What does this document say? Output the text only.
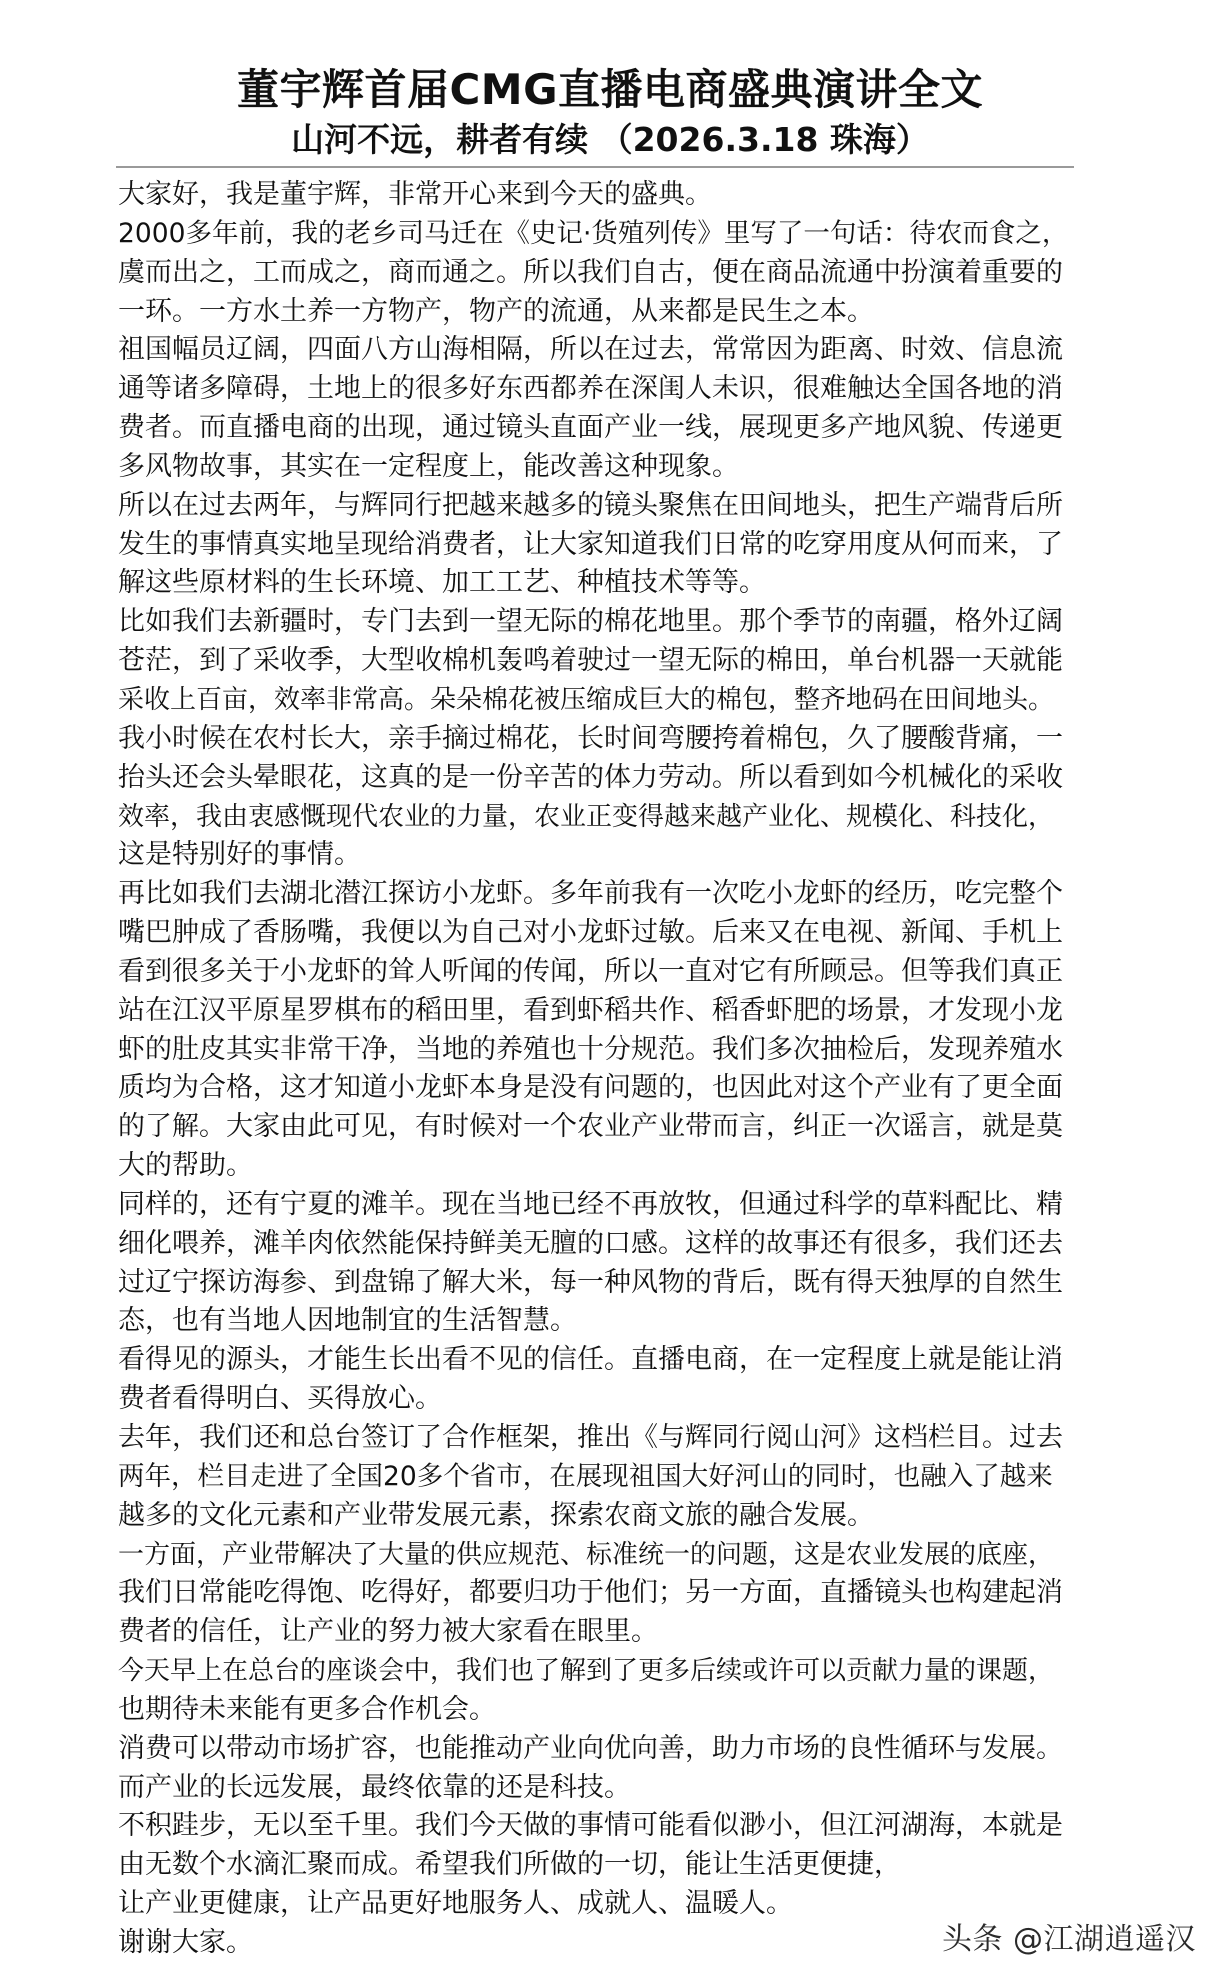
董宇辉首届CMG直播电商盛典演讲全文
山河不远，耕者有续 （2026.3.18 珠海）
大家好，我是董宇辉，非常开心来到今天的盛典。
2000多年前，我的老乡司马迁在《史记·货殖列传》里写了一句话：待农而食之，
虞而出之，工而成之，商而通之。所以我们自古，便在商品流通中扮演着重要的
一环。一方水土养一方物产，物产的流通，从来都是民生之本。
祖国幅员辽阔，四面八方山海相隔，所以在过去，常常因为距离、时效、信息流
通等诸多障碍，土地上的很多好东西都养在深闺人未识，很难触达全国各地的消
费者。而直播电商的出现，通过镜头直面产业一线，展现更多产地风貌、传递更
多风物故事，其实在一定程度上，能改善这种现象。
所以在过去两年，与辉同行把越来越多的镜头聚焦在田间地头，把生产端背后所
发生的事情真实地呈现给消费者，让大家知道我们日常的吃穿用度从何而来，了
解这些原材料的生长环境、加工工艺、种植技术等等。
比如我们去新疆时，专门去到一望无际的棉花地里。那个季节的南疆，格外辽阔
苍茫，到了采收季，大型收棉机轰鸣着驶过一望无际的棉田，单台机器一天就能
采收上百亩，效率非常高。朵朵棉花被压缩成巨大的棉包，整齐地码在田间地头。
我小时候在农村长大，亲手摘过棉花，长时间弯腰挎着棉包，久了腰酸背痛，一
抬头还会头晕眼花，这真的是一份辛苦的体力劳动。所以看到如今机械化的采收
效率，我由衷感慨现代农业的力量，农业正变得越来越产业化、规模化、科技化，
这是特别好的事情。
再比如我们去湖北潜江探访小龙虾。多年前我有一次吃小龙虾的经历，吃完整个
嘴巴肿成了香肠嘴，我便以为自己对小龙虾过敏。后来又在电视、新闻、手机上
看到很多关于小龙虾的耸人听闻的传闻，所以一直对它有所顾忌。但等我们真正
站在江汉平原星罗棋布的稻田里，看到虾稻共作、稻香虾肥的场景，才发现小龙
虾的肚皮其实非常干净，当地的养殖也十分规范。我们多次抽检后，发现养殖水
质均为合格，这才知道小龙虾本身是没有问题的，也因此对这个产业有了更全面
的了解。大家由此可见，有时候对一个农业产业带而言，纠正一次谣言，就是莫
大的帮助。
同样的，还有宁夏的滩羊。现在当地已经不再放牧，但通过科学的草料配比、精
细化喂养，滩羊肉依然能保持鲜美无膻的口感。这样的故事还有很多，我们还去
过辽宁探访海参、到盘锦了解大米，每一种风物的背后，既有得天独厚的自然生
态，也有当地人因地制宜的生活智慧。
看得见的源头，才能生长出看不见的信任。直播电商，在一定程度上就是能让消
费者看得明白、买得放心。
去年，我们还和总台签订了合作框架，推出《与辉同行阅山河》这档栏目。过去
两年，栏目走进了全国20多个省市，在展现祖国大好河山的同时，也融入了越来
越多的文化元素和产业带发展元素，探索农商文旅的融合发展。
一方面，产业带解决了大量的供应规范、标准统一的问题，这是农业发展的底座，
我们日常能吃得饱、吃得好，都要归功于他们；另一方面，直播镜头也构建起消
费者的信任，让产业的努力被大家看在眼里。
今天早上在总台的座谈会中，我们也了解到了更多后续或许可以贡献力量的课题，
也期待未来能有更多合作机会。
消费可以带动市场扩容，也能推动产业向优向善，助力市场的良性循环与发展。
而产业的长远发展，最终依靠的还是科技。
不积跬步，无以至千里。我们今天做的事情可能看似渺小，但江河湖海，本就是
由无数个水滴汇聚而成。希望我们所做的一切，能让生活更便捷，
让产业更健康，让产品更好地服务人、成就人、温暖人。
谢谢大家。	头条 @江湖逍遥汉
